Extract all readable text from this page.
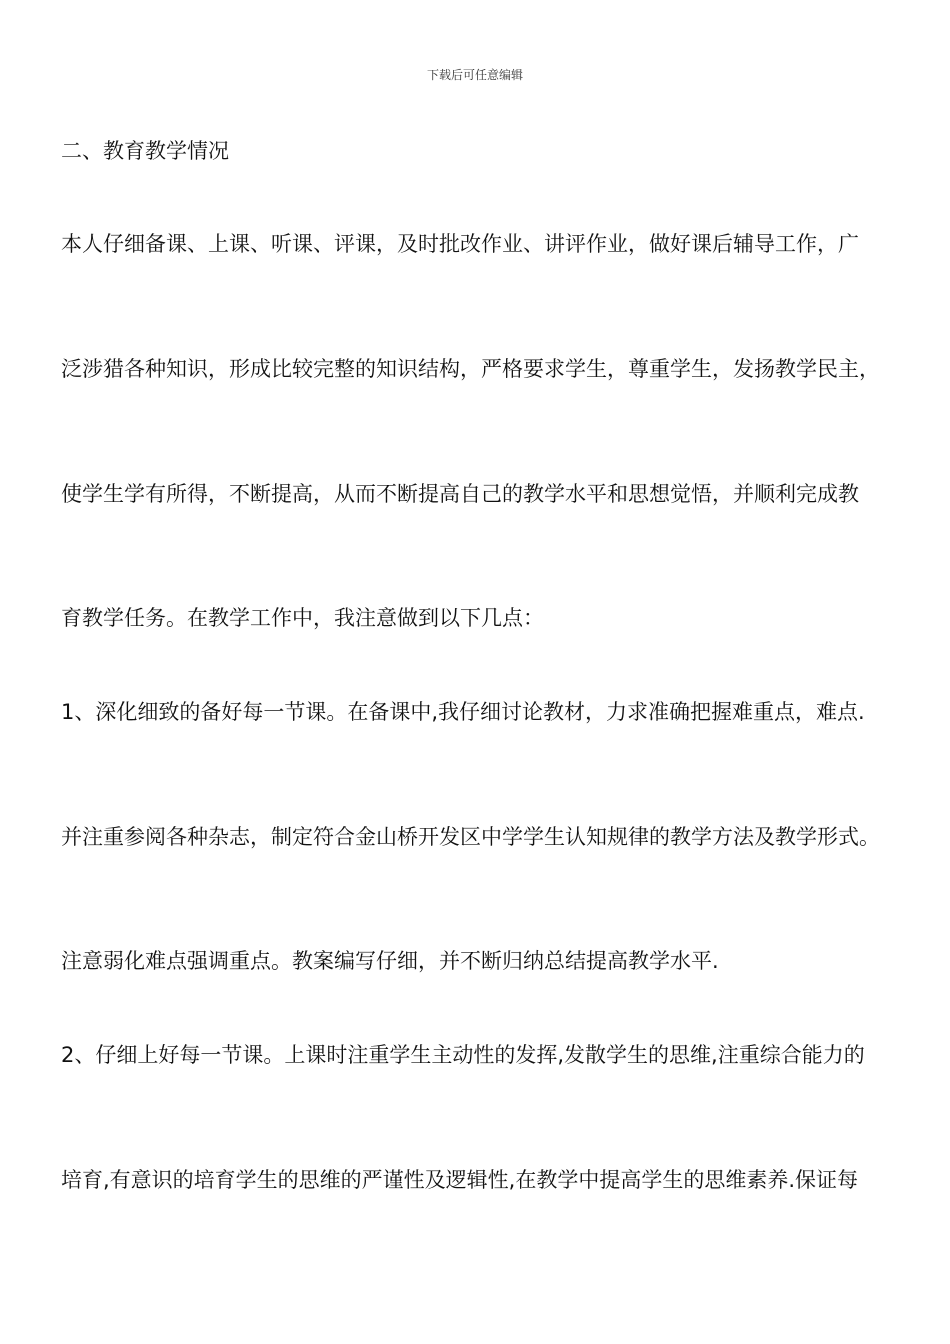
下载后可任意编辑
二、教育教学情况
本人仔细备课、上课、听课、评课，及时批改作业、讲评作业，做好课后辅导工作，广
泛涉猎各种知识，形成比较完整的知识结构，严格要求学生，尊重学生，发扬教学民主，
使学生学有所得，不断提高，从而不断提高自己的教学水平和思想觉悟，并顺利完成教
育教学任务。在教学工作中，我注意做到以下几点：
1、深化细致的备好每一节课。在备课中,我仔细讨论教材，力求准确把握难重点，难点.
并注重参阅各种杂志，制定符合金山桥开发区中学学生认知规律的教学方法及教学形式。
注意弱化难点强调重点。教案编写仔细，并不断归纳总结提高教学水平.
2、仔细上好每一节课。上课时注重学生主动性的发挥,发散学生的思维,注重综合能力的
培育,有意识的培育学生的思维的严谨性及逻辑性,在教学中提高学生的思维素养.保证每
